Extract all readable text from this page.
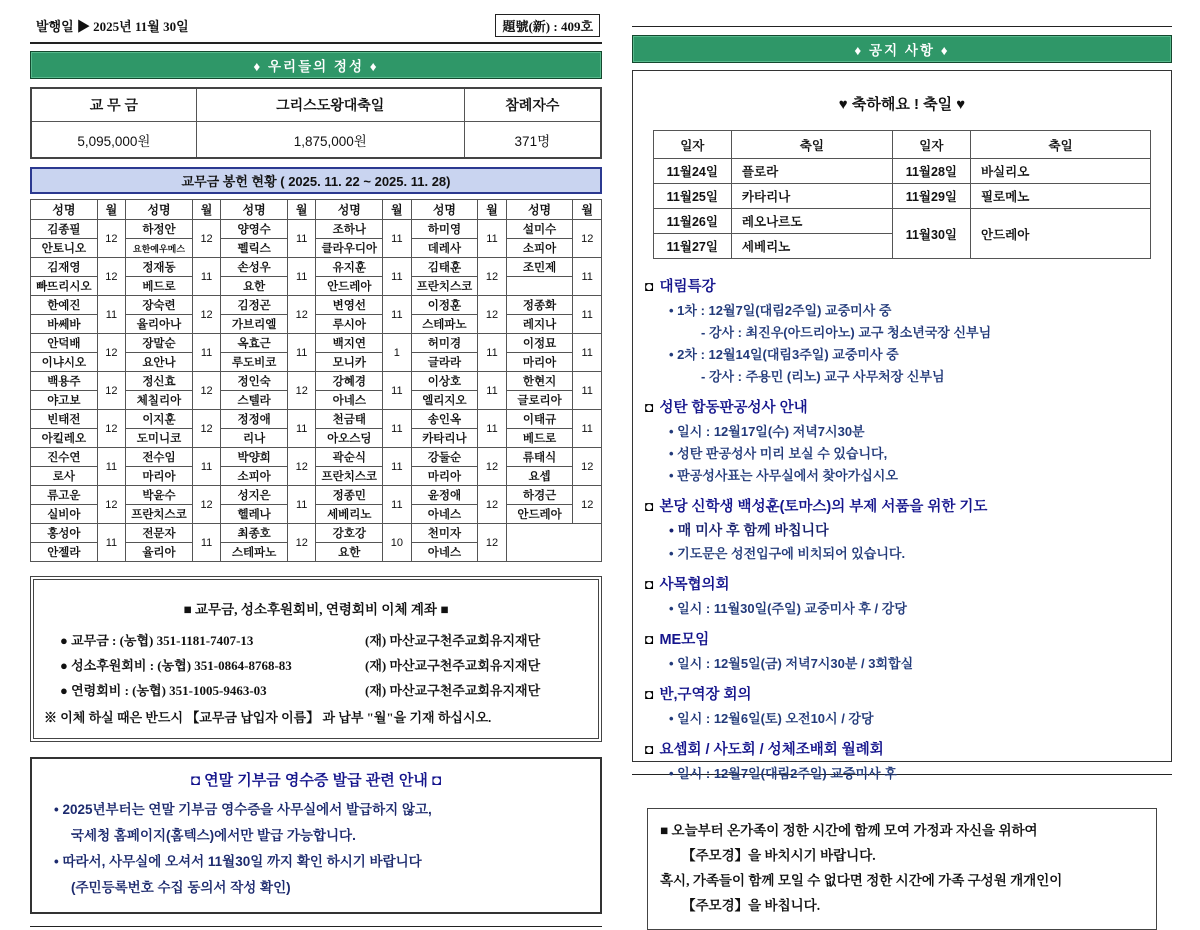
발행일 ▶ 2025년 11월 30일	題號(新) : 409호
♦ 우리들의 정성 ♦
교 무 금	그리스도왕대축일	참례자수
5,095,000원	1,875,000원	371명
교무금 봉헌 현황 ( 2025. 11. 22 ~ 2025. 11. 28)
성명	월	성명	월	성명	월	성명	월	성명	월	성명	월
김종필	12	하정안	12	양영수	11	조하나	11	하미영	11	설미수	12
안토니오		요한예우메스		펠릭스		클라우디아		데레사		소피아	
김재영	12	정재동	11	손성우	11	유지훈	11	김태훈	12	조민제	11
빠뜨리시오		베드로		요한		안드레아		프란치스코			
한예진	11	장숙련	12	김정곤	12	변영선	11	이정훈	12	정종화	11
바쎄바		율리아나		가브리엘		루시아		스테파노		레지나	
안덕배	12	장말순	11	옥효근	11	백지연	1	허미경	11	이정묘	11
이냐시오		요안나		루도비코		모니카		글라라		마리아	
백용주	12	정신효	12	정인숙	12	강혜경	11	이상호	11	한현지	11
야고보		체칠리아		스텔라		아네스		엘리지오		글로리아	
빈태전	12	이지훈	12	정정애	11	천금태	11	송인옥	11	이태규	11
아킬레오		도미니코		리나		아오스딩		카타리나		베드로	
진수연	11	전수임	11	박양희	12	곽순식	11	강둘순	12	류태식	12
로사		마리아		소피아		프란치스코		마리아		요셉	
류고운	12	박윤수	12	성지은	11	정종민	11	윤정애	12	하경근	12
실비아		프란치스코		헬레나		세베리노		아네스		안드레아	
홍성아	11	전문자	11	최종호	12	강호강	10	천미자	12		
안젤라		율리아		스테파노		요한		아네스			
■ 교무금, 성소후원회비, 연령회비 이체 계좌 ■
● 교무금 : (농협) 351-1181-7407-13	(재) 마산교구천주교회유지재단
● 성소후원회비 : (농협) 351-0864-8768-83	(재) 마산교구천주교회유지재단
● 연령회비 : (농협) 351-1005-9463-03	(재) 마산교구천주교회유지재단
※ 이체 하실 때은 반드시 【교무금 납입자 이름】 과 납부 "월"을 기재 하십시오.
◘ 연말 기부금 영수증 발급 관련 안내 ◘
• 2025년부터는 연말 기부금 영수증을 사무실에서 발급하지 않고,
국세청 홈페이지(홈텍스)에서만 발급 가능합니다.
• 따라서, 사무실에 오셔서 11월30일 까지 확인 하시기 바랍니다
(주민등록번호 수집 동의서 작성 확인)
♦ 공지 사항 ♦
♥ 축하해요 ! 축일 ♥
일자	축일	일자	축일
11월24일	플로라	11월28일	바실리오
11월25일	카타리나	11월29일	필로메노
11월26일	레오나르도	11월30일	안드레아
11월27일	세베리노		
◘ 대림특강
• 1차 : 12월7일(대림2주일) 교중미사 중
- 강사 : 최진우(아드리아노) 교구 청소년국장 신부님
• 2차 : 12월14일(대림3주일) 교중미사 중
- 강사 : 주용민 (리노) 교구 사무처장 신부님
◘ 성탄 합동판공성사 안내
• 일시 : 12월17일(수) 저녁7시30분
• 성탄 판공성사 미리 보실 수 있습니다,
• 판공성사표는 사무실에서 찾아가십시오
◘ 본당 신학생 백성훈(토마스)의 부제 서품을 위한 기도
• 매 미사 후 함께 바칩니다
• 기도문은 성전입구에 비치되어 있습니다.
◘ 사목협의회
• 일시 : 11월30일(주일) 교중미사 후 / 강당
◘ ME모임
• 일시 : 12월5일(금) 저녁7시30분 / 3회합실
◘ 반,구역장 회의
• 일시 : 12월6일(토) 오전10시 / 강당
◘ 요셉회 / 사도회 / 성체조배회 월례회
• 일시 : 12월7일(대림2주일) 교중미사 후
■ 오늘부터 온가족이 정한 시간에 함께 모여 가정과 자신을 위하여
【주모경】을 바치시기 바랍니다.
혹시, 가족들이 함께 모일 수 없다면 정한 시간에 가족 구성원 개개인이
【주모경】을 바칩니다.
